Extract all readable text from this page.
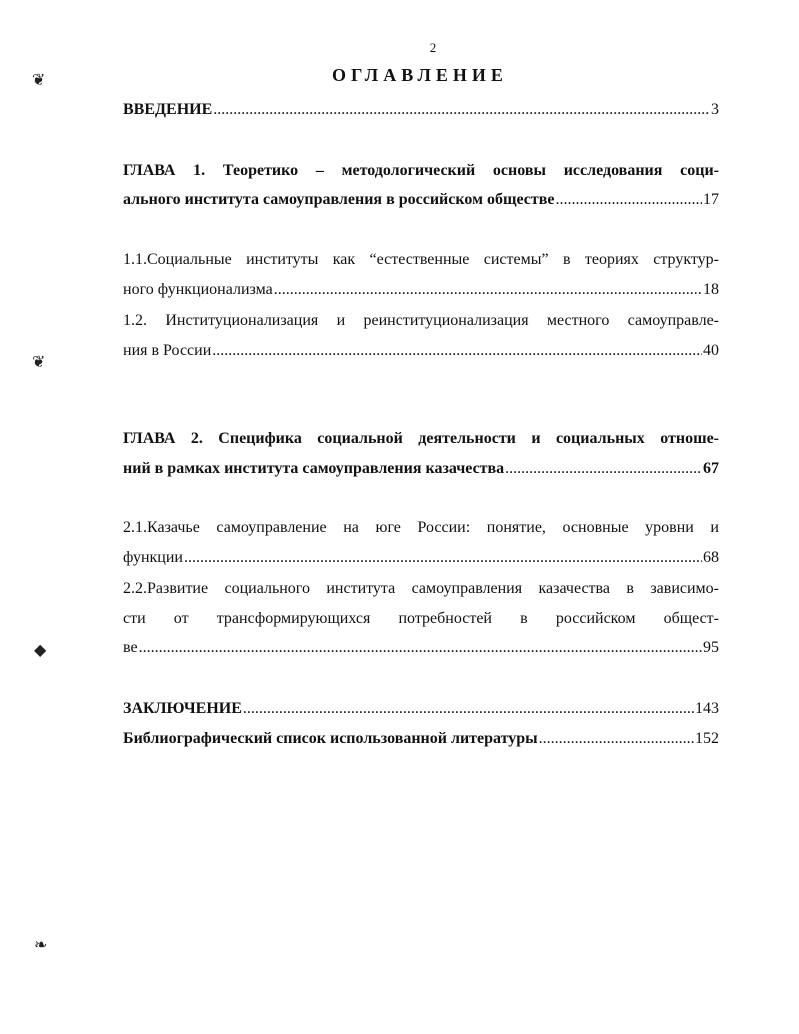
2
ОГЛАВЛЕНИЕ
❦
❦
◆
❧
ВВЕДЕНИЕ .....	3
ГЛАВА 1. Теоретико – методологический основы исследования соци-
ального института самоуправления в российском обществе .....	17
1.1.Социальные институты как “естественные системы” в теориях структур-
ного функционализма .....	18
1.2. Институционализация и реинституционализация местного самоуправле-
ния в России .....	40
ГЛАВА 2. Специфика социальной деятельности и социальных отноше-
ний в рамках института самоуправления казачества .....	67
2.1.Казачье самоуправление на юге России: понятие, основные уровни и
функции .....	68
2.2.Развитие социального института самоуправления казачества в зависимо-
сти от трансформирующихся потребностей в российском общест-
ве .....	95
ЗАКЛЮЧЕНИЕ .....	143
Библиографический список использованной литературы .....	152
